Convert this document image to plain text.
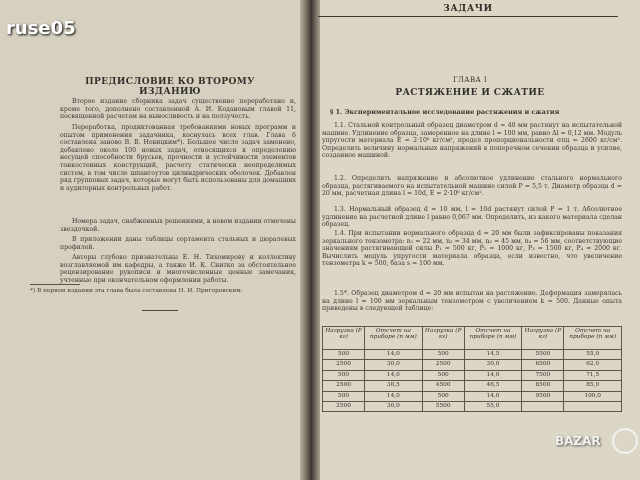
ПРЕДИСЛОВИЕ КО ВТОРОМУ ИЗДАНИЮ

Второе издание сборника задач существенно переработано и, кроме того, дополнено составленной А. И. Кодановым главой 11, посвященной расчетам на выносливость и на ползучесть.

Переработка, продиктованная требованиями новых программ и опытом применения задачника, коснулась всех глав. Глава 6 составлена заново В. В. Новицким*). Большое число задач заменено, добавлено около 100 новых задач, относящихся к определению несущей способности брусьев, прочности и устойчивости элементов тонкостенных конструкций, расчету статически неопределимых систем, в том числе шпангоутов цилиндрических оболочек. Добавлен ряд групповых задач, которые могут быть использованы для домашних и аудиторных контрольных работ.

Номера задач, снабженных решениями, в новом издании отмечены звездочкой.

В приложении даны таблицы сортамента стальных и дюралевых профилей.

Авторы глубоко признательны Е. Н. Тихомирову и коллективу возглавляемой им кафедры, а также И. К. Снитко за обстоятельное рецензирование рукописи и многочисленные ценные замечания, учтенные при окончательном оформлении работы.

*) В первом издании эта глава была составлена Н. И. Пригоровским.
ЗАДАЧИ
ГЛАВА I
РАСТЯЖЕНИЕ И СЖАТИЕ
§ 1. Экспериментальное исследование растяжения и сжатия

1.1. Стальной контрольный образец диаметром d = 40 мм растянут на испытательной машине. Удлинение образца, замеренное на длине l = 100 мм, равно Δl = 0,12 мм. Модуль упругости материала E = 2·10⁶ кг/см², предел пропорциональности σпц = 2600 кг/см². Определить величину нормальных напряжений в поперечном сечении образца и усилие, созданное машиной.

1.2. Определить напряжение и абсолютное удлинение стального нормального образца, растягиваемого на испытательной машине силой P = 5,5 т. Диаметр образца d = 20 мм, расчетная длина l = 10d, E = 2·10⁶ кг/см².

1.3. Нормальный образец d = 10 мм, l = 10d растянут силой P = 1 т. Абсолютное удлинение на расчетной длине l равно 0,067 мм. Определить, из какого материала сделан образец.

1.4. При испытании нормального образца d = 20 мм были зафиксированы показания зеркального тензометра: n₁ = 22 мм, n₂ = 34 мм, n₃ = 45 мм, n₄ = 56 мм, соответствующие значениям растягивающей силы P₁ = 500 кг, P₂ = 1000 кг, P₃ = 1500 кг, P₄ = 2000 кг. Вычислить модуль упругости материала образца, если известно, что увеличение тензометра k = 500, база s = 100 мм.

1.5*. Образец диаметром d = 20 мм испытан на растяжение. Деформация замерялась на длине l = 100 мм зеркальным тензометром с увеличением k = 500. Данные опыта приведены в следующей таблице:

Нагрузка (P кг)	Отсчет на приборе (n мм)	Нагрузка (P кг)	Отсчет на приборе (n мм)	Нагрузка (P кг)	Отсчет на приборе (n мм)
500	14,0	500	14,5	5500	55,0
2500	30,0	2500	30,0	6500	62,0
500	14,0	500	14,0	7500	71,5
2500	30,5	4500	46,5	8500	85,0
500	14,0	500	14,0	9500	100,0
2500	30,0	5500	55,0		
ruse05
BAZAR
